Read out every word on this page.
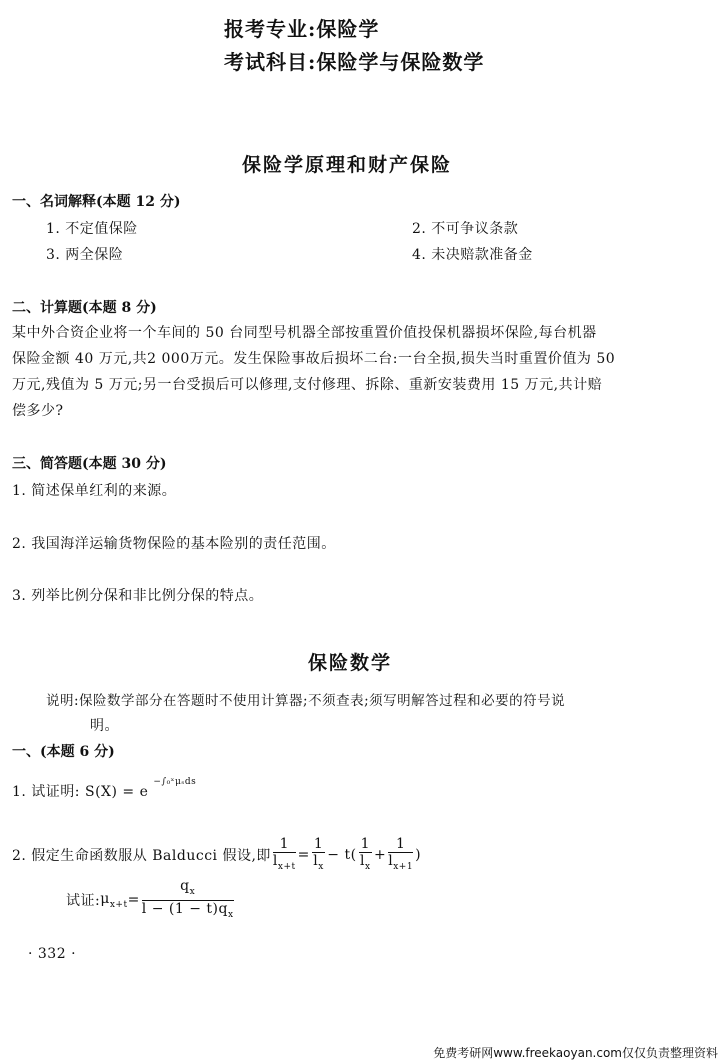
报考专业:保险学
考试科目:保险学与保险数学
保险学原理和财产保险
一、名词解释(本题 12 分)
1. 不定值保险	2. 不可争议条款
3. 两全保险	4. 未决赔款准备金
二、计算题(本题 8 分)
某中外合资企业将一个车间的 50 台同型号机器全部按重置价值投保机器损坏保险,每台机器
保险金额 40 万元,共2 000万元。发生保险事故后损坏二台:一台全损,损失当时重置价值为 50
万元,残值为 5 万元;另一台受损后可以修理,支付修理、拆除、重新安装费用 15 万元,共计赔
偿多少?
三、简答题(本题 30 分)
1. 简述保单红利的来源。
2. 我国海洋运输货物保险的基本险别的责任范围。
3. 列举比例分保和非比例分保的特点。
保险数学
说明:保险数学部分在答题时不使用计算器;不须查表;须写明解答过程和必要的符号说
明。
一、(本题 6 分)
1. 试证明: S(X) = e $^{-\int_0ˣ\mu_sds}$
2. 假定生命函数服从 Balducci 假设,即 $\frac{1}{l_{x+t}} = \frac{1}{l_x} - t( \frac{1}{l_x} + \frac{1}{l_{x+1}}$ )
试证: $\mu_{x+t} = \frac{q_x}{l - (1 - t)q_x}$
· 332 ·
免费考研网www.freekaoyan.com仅仅负责整理资料
